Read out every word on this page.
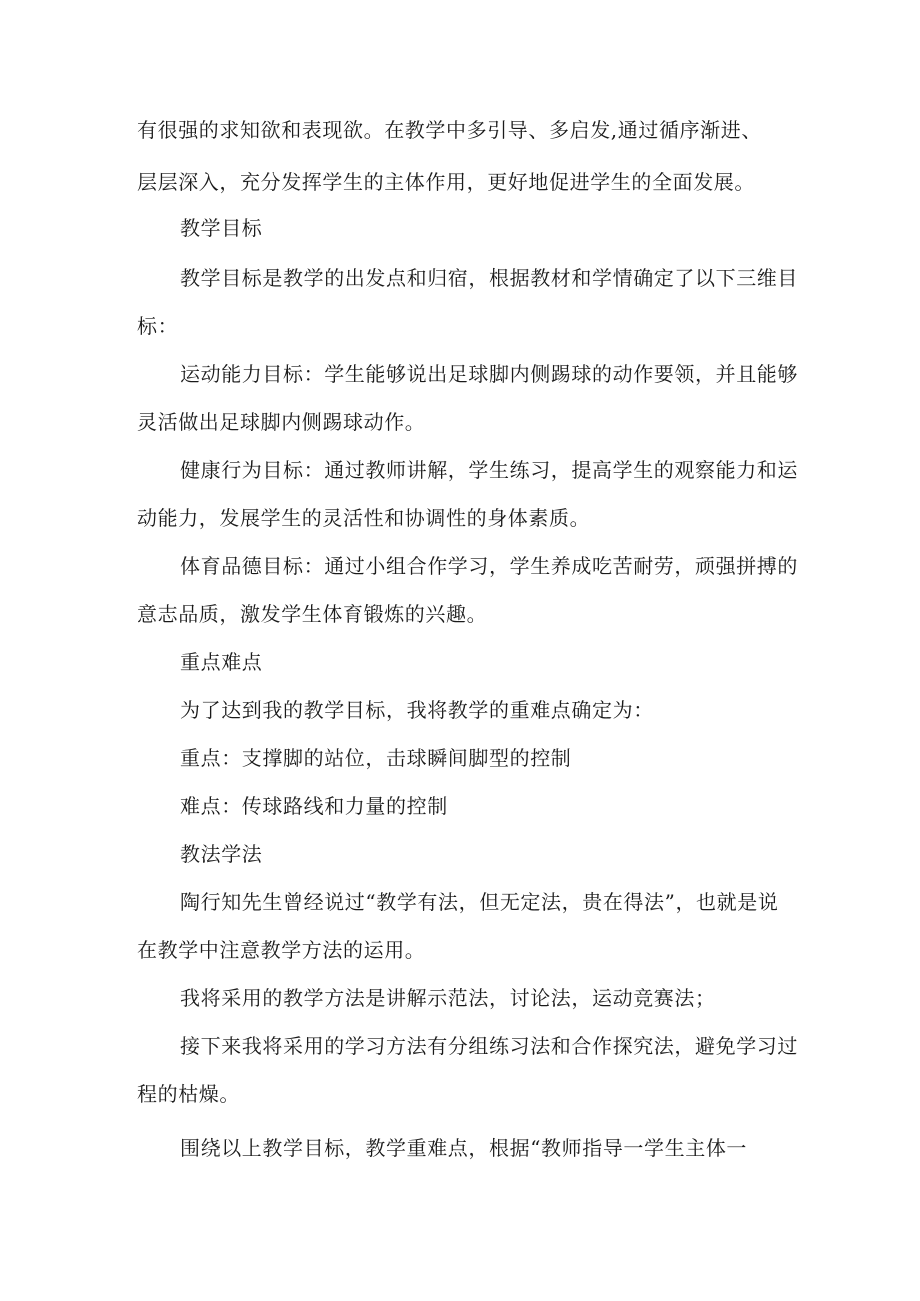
有很强的求知欲和表现欲。在教学中多引导、多启发,通过循序渐进、
层层深入，充分发挥学生的主体作用，更好地促进学生的全面发展。
教学目标
教学目标是教学的出发点和归宿，根据教材和学情确定了以下三维目
标：
运动能力目标：学生能够说出足球脚内侧踢球的动作要领，并且能够
灵活做出足球脚内侧踢球动作。
健康行为目标：通过教师讲解，学生练习，提高学生的观察能力和运
动能力，发展学生的灵活性和协调性的身体素质。
体育品德目标：通过小组合作学习，学生养成吃苦耐劳，顽强拼搏的
意志品质，激发学生体育锻炼的兴趣。
重点难点
为了达到我的教学目标，我将教学的重难点确定为：
重点：支撑脚的站位，击球瞬间脚型的控制
难点：传球路线和力量的控制
教法学法
陶行知先生曾经说过“教学有法，但无定法，贵在得法”，也就是说
在教学中注意教学方法的运用。
我将采用的教学方法是讲解示范法，讨论法，运动竞赛法；
接下来我将采用的学习方法有分组练习法和合作探究法，避免学习过
程的枯燥。
围绕以上教学目标，教学重难点，根据“教师指导一学生主体一
